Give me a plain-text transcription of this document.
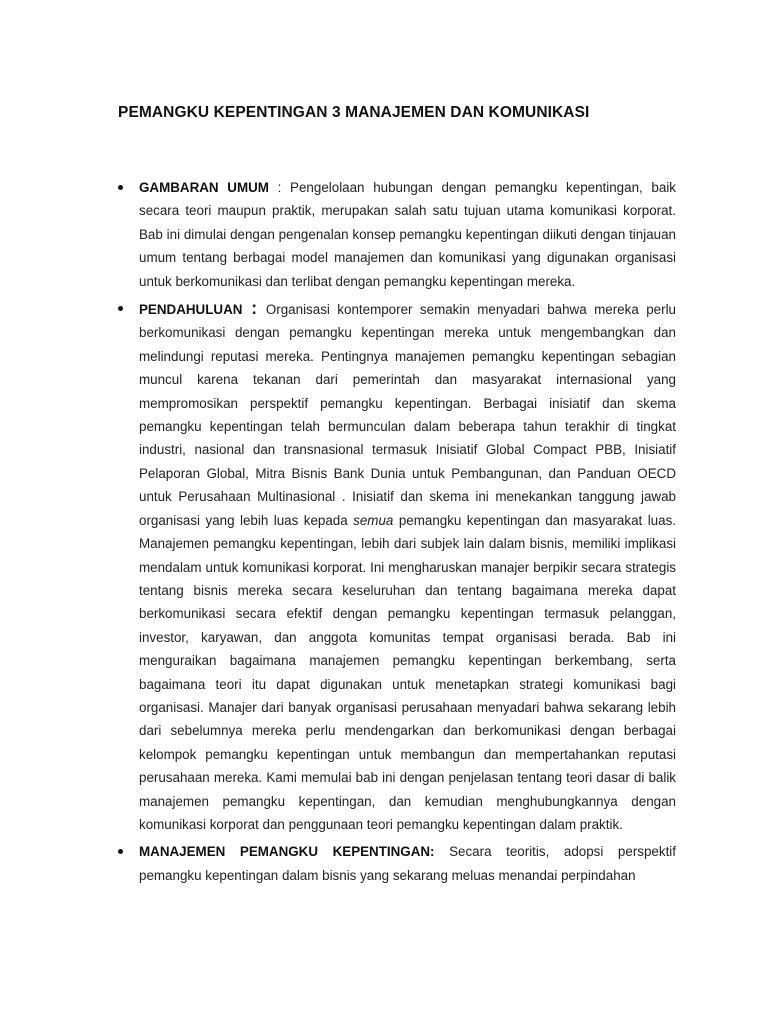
PEMANGKU KEPENTINGAN 3 MANAJEMEN DAN KOMUNIKASI

GAMBARAN UMUM : Pengelolaan hubungan dengan pemangku kepentingan, baik secara teori maupun praktik, merupakan salah satu tujuan utama komunikasi korporat. Bab ini dimulai dengan pengenalan konsep pemangku kepentingan diikuti dengan tinjauan umum tentang berbagai model manajemen dan komunikasi yang digunakan organisasi untuk berkomunikasi dan terlibat dengan pemangku kepentingan mereka.

PENDAHULUAN : Organisasi kontemporer semakin menyadari bahwa mereka perlu berkomunikasi dengan pemangku kepentingan mereka untuk mengembangkan dan melindungi reputasi mereka. Pentingnya manajemen pemangku kepentingan sebagian muncul karena tekanan dari pemerintah dan masyarakat internasional yang mempromosikan perspektif pemangku kepentingan. Berbagai inisiatif dan skema pemangku kepentingan telah bermunculan dalam beberapa tahun terakhir di tingkat industri, nasional dan transnasional termasuk Inisiatif Global Compact PBB, Inisiatif Pelaporan Global, Mitra Bisnis Bank Dunia untuk Pembangunan, dan Panduan OECD untuk Perusahaan Multinasional . Inisiatif dan skema ini menekankan tanggung jawab organisasi yang lebih luas kepada semua pemangku kepentingan dan masyarakat luas. Manajemen pemangku kepentingan, lebih dari subjek lain dalam bisnis, memiliki implikasi mendalam untuk komunikasi korporat. Ini mengharuskan manajer berpikir secara strategis tentang bisnis mereka secara keseluruhan dan tentang bagaimana mereka dapat berkomunikasi secara efektif dengan pemangku kepentingan termasuk pelanggan, investor, karyawan, dan anggota komunitas tempat organisasi berada. Bab ini menguraikan bagaimana manajemen pemangku kepentingan berkembang, serta bagaimana teori itu dapat digunakan untuk menetapkan strategi komunikasi bagi organisasi. Manajer dari banyak organisasi perusahaan menyadari bahwa sekarang lebih dari sebelumnya mereka perlu mendengarkan dan berkomunikasi dengan berbagai kelompok pemangku kepentingan untuk membangun dan mempertahankan reputasi perusahaan mereka. Kami memulai bab ini dengan penjelasan tentang teori dasar di balik manajemen pemangku kepentingan, dan kemudian menghubungkannya dengan komunikasi korporat dan penggunaan teori pemangku kepentingan dalam praktik.

MANAJEMEN PEMANGKU KEPENTINGAN: Secara teoritis, adopsi perspektif pemangku kepentingan dalam bisnis yang sekarang meluas menandai perpindahan
